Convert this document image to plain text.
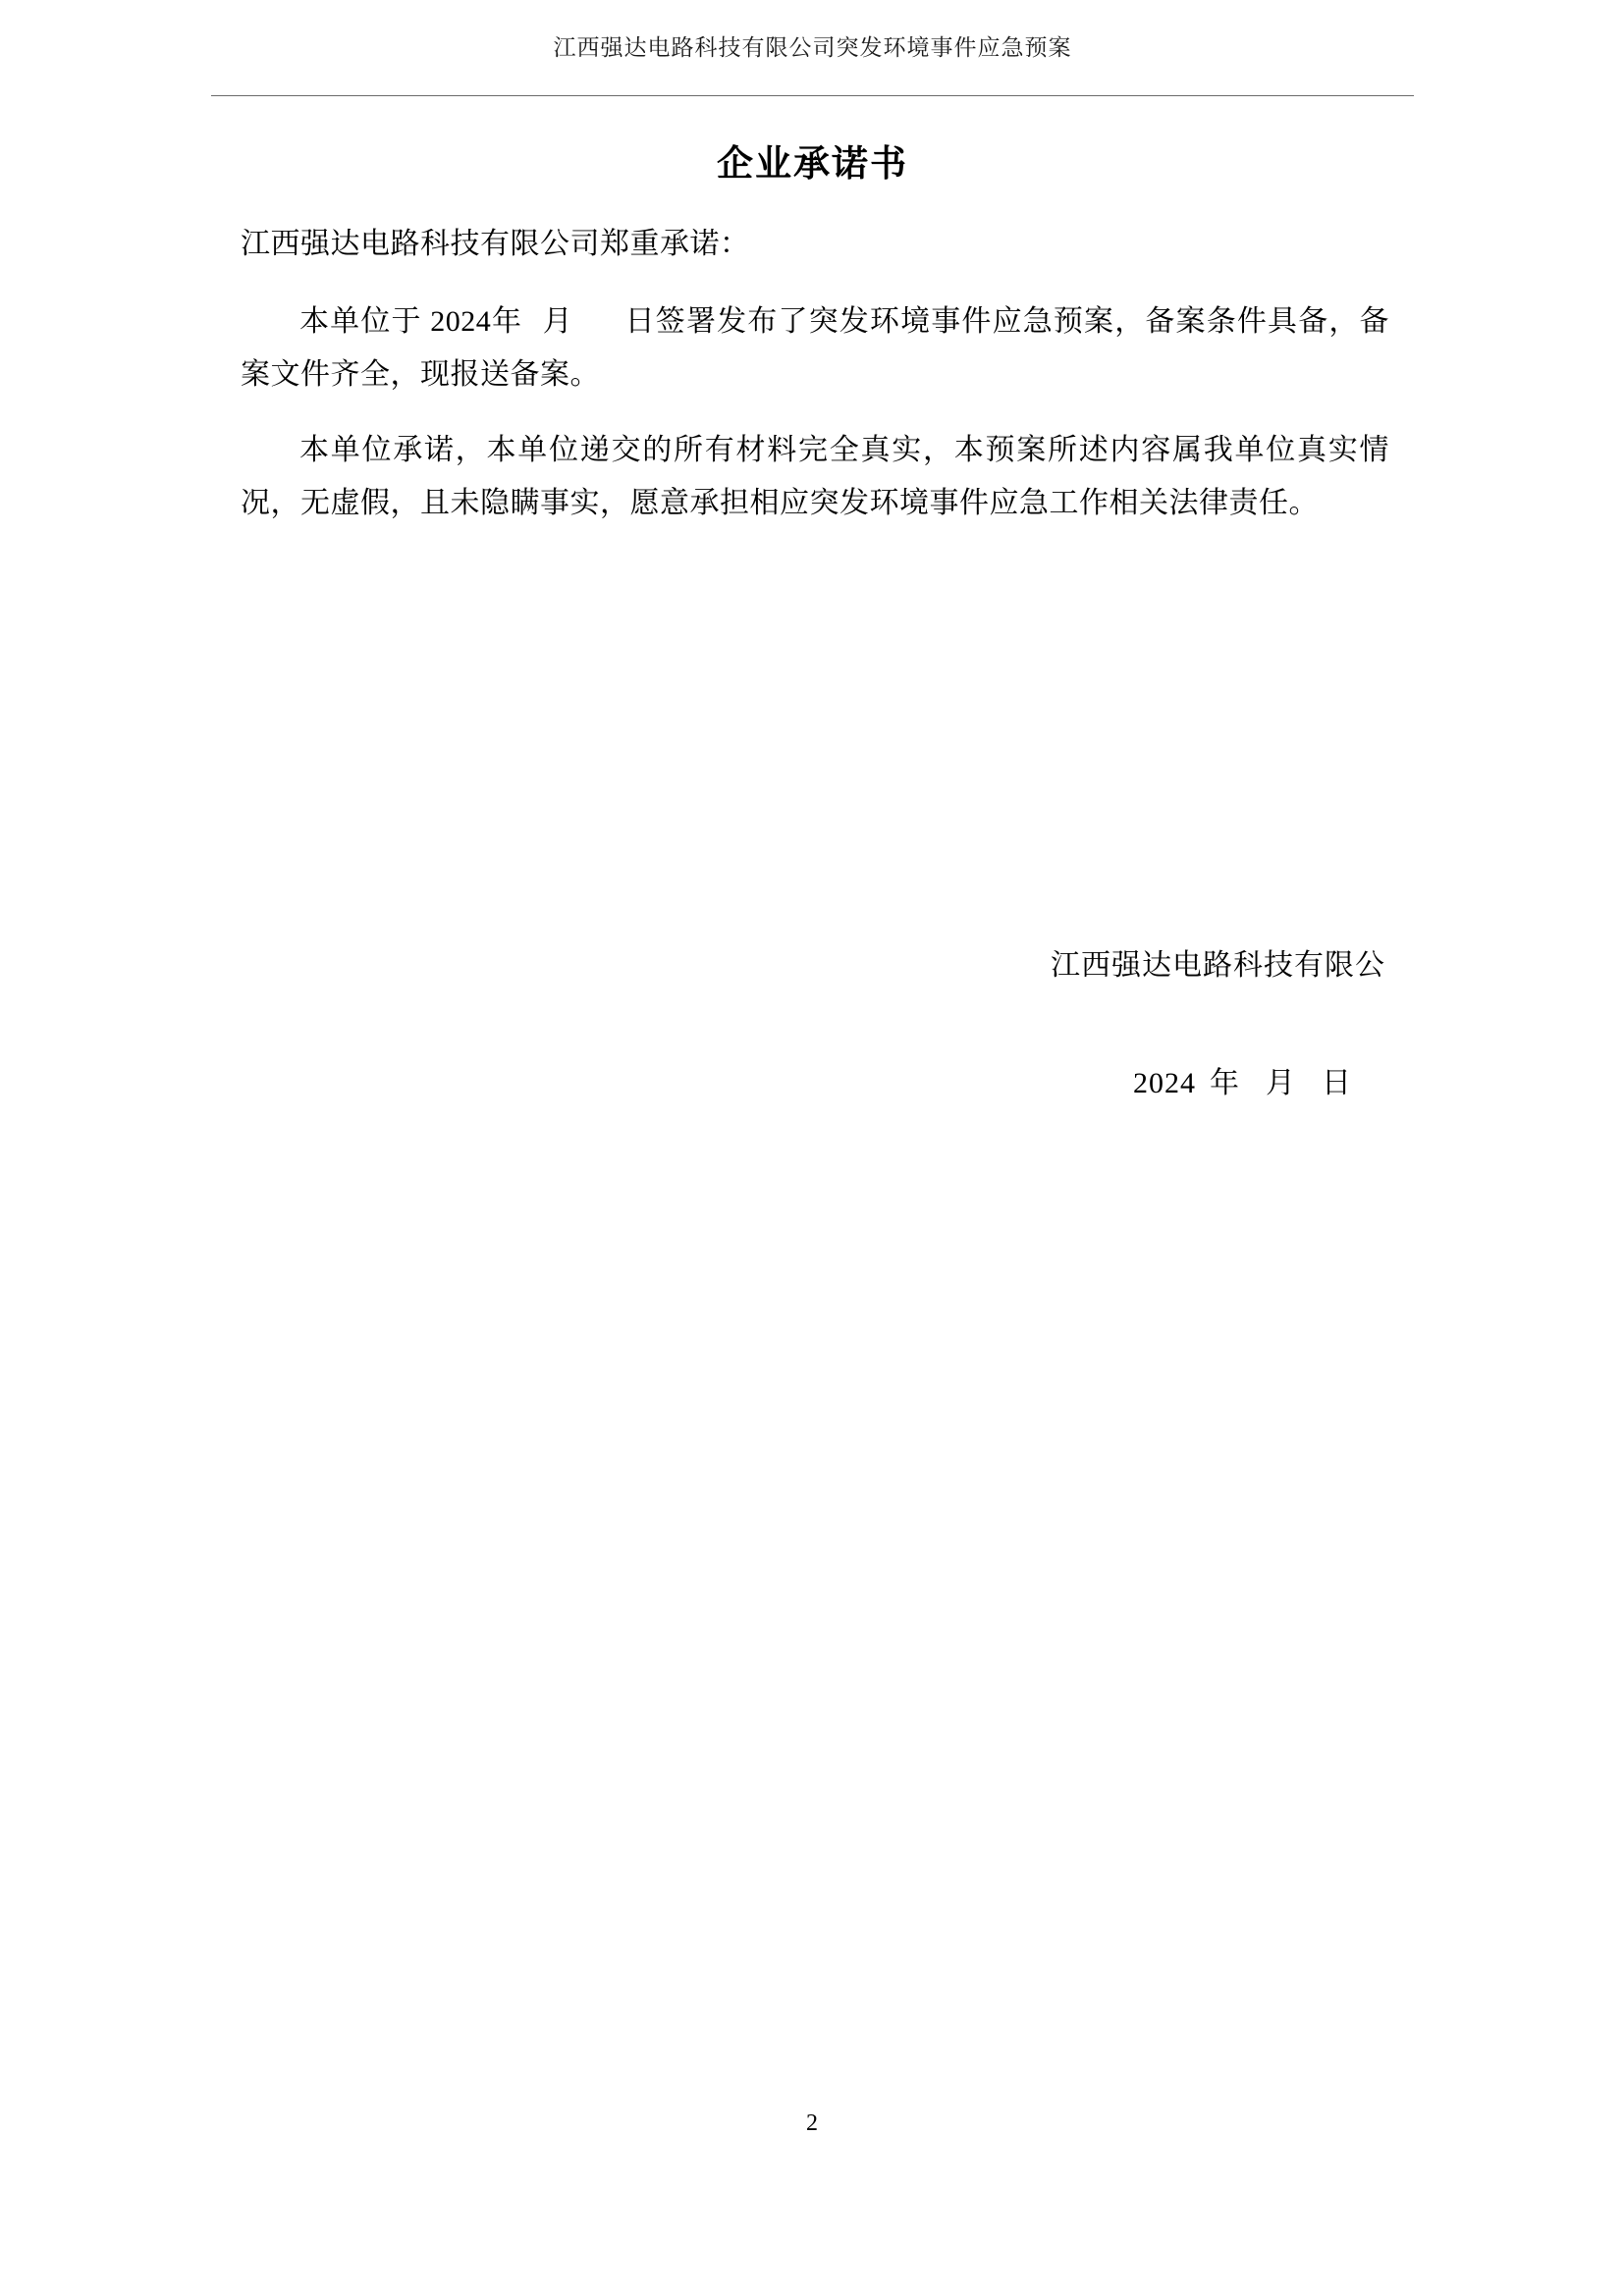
江西强达电路科技有限公司突发环境事件应急预案
企业承诺书

江西强达电路科技有限公司郑重承诺：

本单位于 2024年 月 日签署发布了突发环境事件应急预案，备案条件具备，备案文件齐全，现报送备案。

本单位承诺，本单位递交的所有材料完全真实，本预案所述内容属我单位真实情况，无虚假，且未隐瞒事实，愿意承担相应突发环境事件应急工作相关法律责任。

江西强达电路科技有限公
2024 年 月 日
2
